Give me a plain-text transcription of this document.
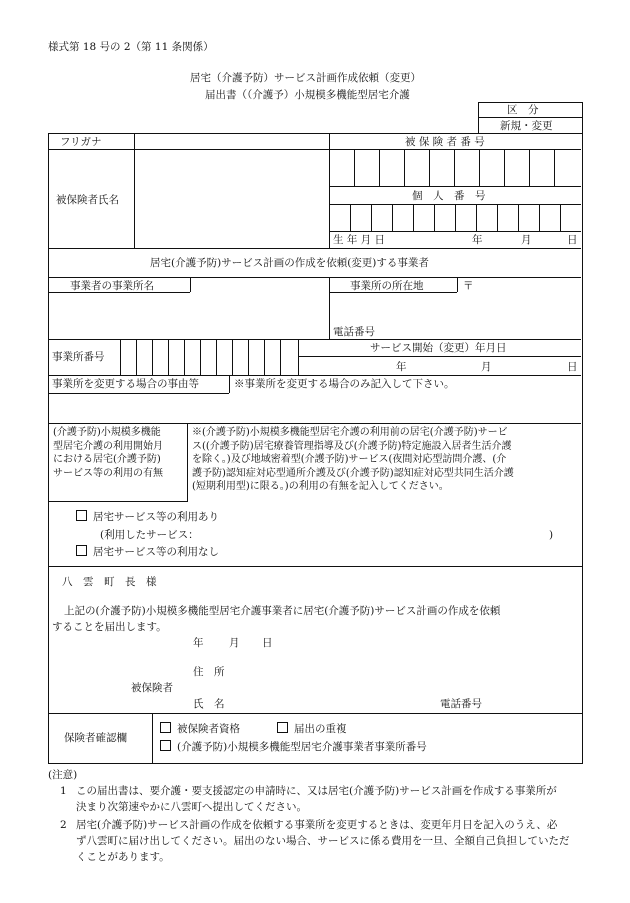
様式第 18 号の 2（第 11 条関係）
居宅（介護予防）サービス計画作成依頼（変更）
届出書（（介護予）小規模多機能型居宅介護
区　分
新規・変更
フリガナ	被 保 険 者 番 号
被保険者氏名	個　人　番　号
生 年 月 日	年	月	日
居宅(介護予防)サービス計画の作成を依頼(変更)する事業者
事業者の事業所名	事業所の所在地	〒
電話番号
事業所番号
サービス開始（変更）年月日
年	月	日
事業所を変更する場合の事由等	※事業所を変更する場合のみ記入して下さい。
(介護予防)小規模多機能
型居宅介護の利用開始月
における居宅(介護予防)
サービス等の利用の有無
※(介護予防)小規模多機能型居宅介護の利用前の居宅(介護予防)サービ
ス((介護予防)居宅療養管理指導及び(介護予防)特定施設入居者生活介護
を除く。)及び地域密着型(介護予防)サービス(夜間対応型訪問介護、(介
護予防)認知症対応型通所介護及び(介護予防)認知症対応型共同生活介護
(短期利用型)に限る。)の利用の有無を記入してください。
居宅サービス等の利用あり
(利用したサービス：	)
居宅サービス等の利用なし
八　雲　町　長　様
上記の(介護予防)小規模多機能型居宅介護事業者に居宅(介護予防)サービス計画の作成を依頼
することを届出します。
年 月 日
住　所
被保険者
氏　名	電話番号
保険者確認欄
被保険者資格	届出の重複
(介護予防)小規模多機能型居宅介護事業者事業所番号
(注意)
1 この届出書は、要介護・要支援認定の申請時に、又は居宅(介護予防)サービス計画を作成する事業所が
決まり次第速やかに八雲町へ提出してください。
2 居宅(介護予防)サービス計画の作成を依頼する事業所を変更するときは、変更年月日を記入のうえ、必
ず八雲町に届け出してください。届出のない場合、サービスに係る費用を一旦、全額自己負担していただ
くことがあります。
